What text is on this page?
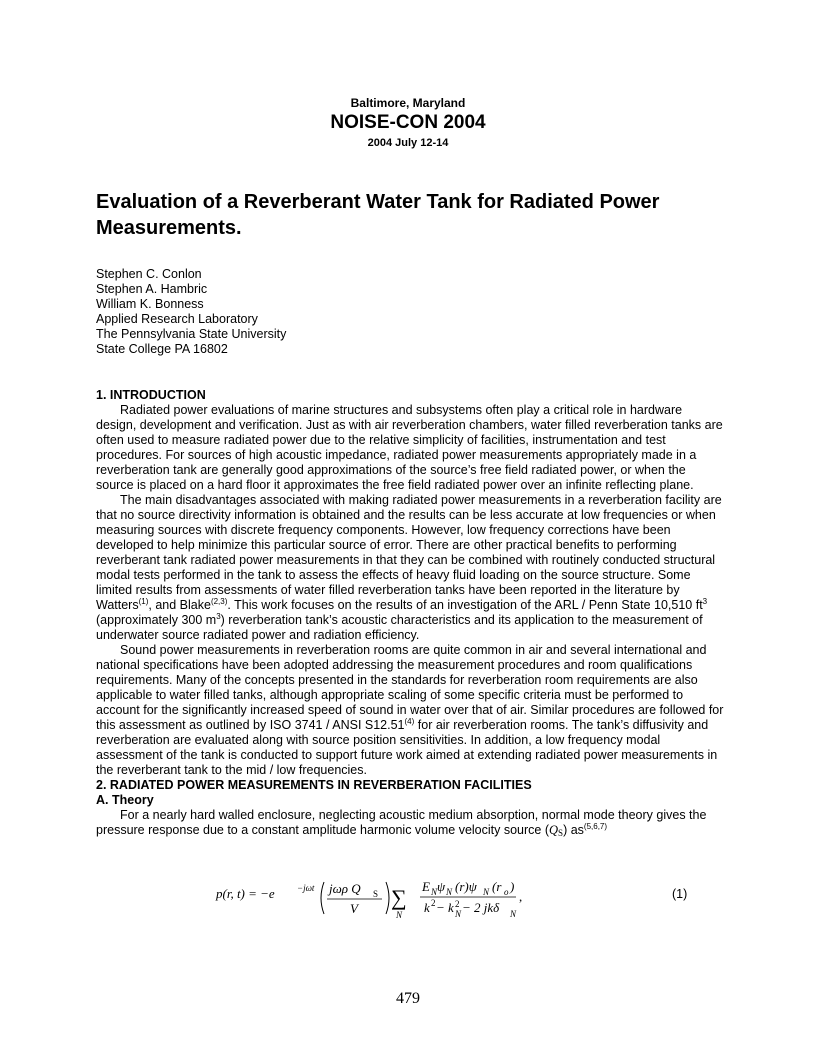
Baltimore, Maryland
NOISE-CON 2004
2004 July 12-14
Evaluation of a Reverberant Water Tank for Radiated Power Measurements.
Stephen C. Conlon
Stephen A. Hambric
William K. Bonness
Applied Research Laboratory
The Pennsylvania State University
State College PA 16802
1. INTRODUCTION

Radiated power evaluations of marine structures and subsystems often play a critical role in hardware design, development and verification. Just as with air reverberation chambers, water filled reverberation tanks are often used to measure radiated power due to the relative simplicity of facilities, instrumentation and test procedures. For sources of high acoustic impedance, radiated power measurements appropriately made in a reverberation tank are generally good approximations of the source’s free field radiated power, or when the source is placed on a hard floor it approximates the free field radiated power over an infinite reflecting plane.

The main disadvantages associated with making radiated power measurements in a reverberation facility are that no source directivity information is obtained and the results can be less accurate at low frequencies or when measuring sources with discrete frequency components. However, low frequency corrections have been developed to help minimize this particular source of error. There are other practical benefits to performing reverberant tank radiated power measurements in that they can be combined with routinely conducted structural modal tests performed in the tank to assess the effects of heavy fluid loading on the source structure. Some limited results from assessments of water filled reverberation tanks have been reported in the literature by Watters$^{(1)}$, and Blake$^{(2,3)}$. This work focuses on the results of an investigation of the ARL / Penn State 10,510 $ft^3$ (approximately 300 $m^3$) reverberation tank’s acoustic characteristics and its application to the measurement of underwater source radiated power and radiation efficiency.

Sound power measurements in reverberation rooms are quite common in air and several international and national specifications have been adopted addressing the measurement procedures and room qualifications requirements. Many of the concepts presented in the standards for reverberation room requirements are also applicable to water filled tanks, although appropriate scaling of some specific criteria must be performed to account for the significantly increased speed of sound in water over that of air. Similar procedures are followed for this assessment as outlined by ISO 3741 / ANSI S12.51$^{(4)}$ for air reverberation rooms. The tank’s diffusivity and reverberation are evaluated along with source position sensitivities. In addition, a low frequency modal assessment of the tank is conducted to support future work aimed at extending radiated power measurements in the reverberant tank to the mid / low frequencies.

2. RADIATED POWER MEASUREMENTS IN REVERBERATION FACILITIES
A. Theory

For a nearly hard walled enclosure, neglecting acoustic medium absorption, normal mode theory gives the pressure response due to a constant amplitude harmonic volume velocity source $(Q_S)$ as$^{(5,6,7)}$

p(r, t) = −e −jωt jωρ Q S
V ∑
N
E N ψ N (r)ψ N (r o )
k 2 − k 2
N − 2 jkδ N
,	(1)
479
